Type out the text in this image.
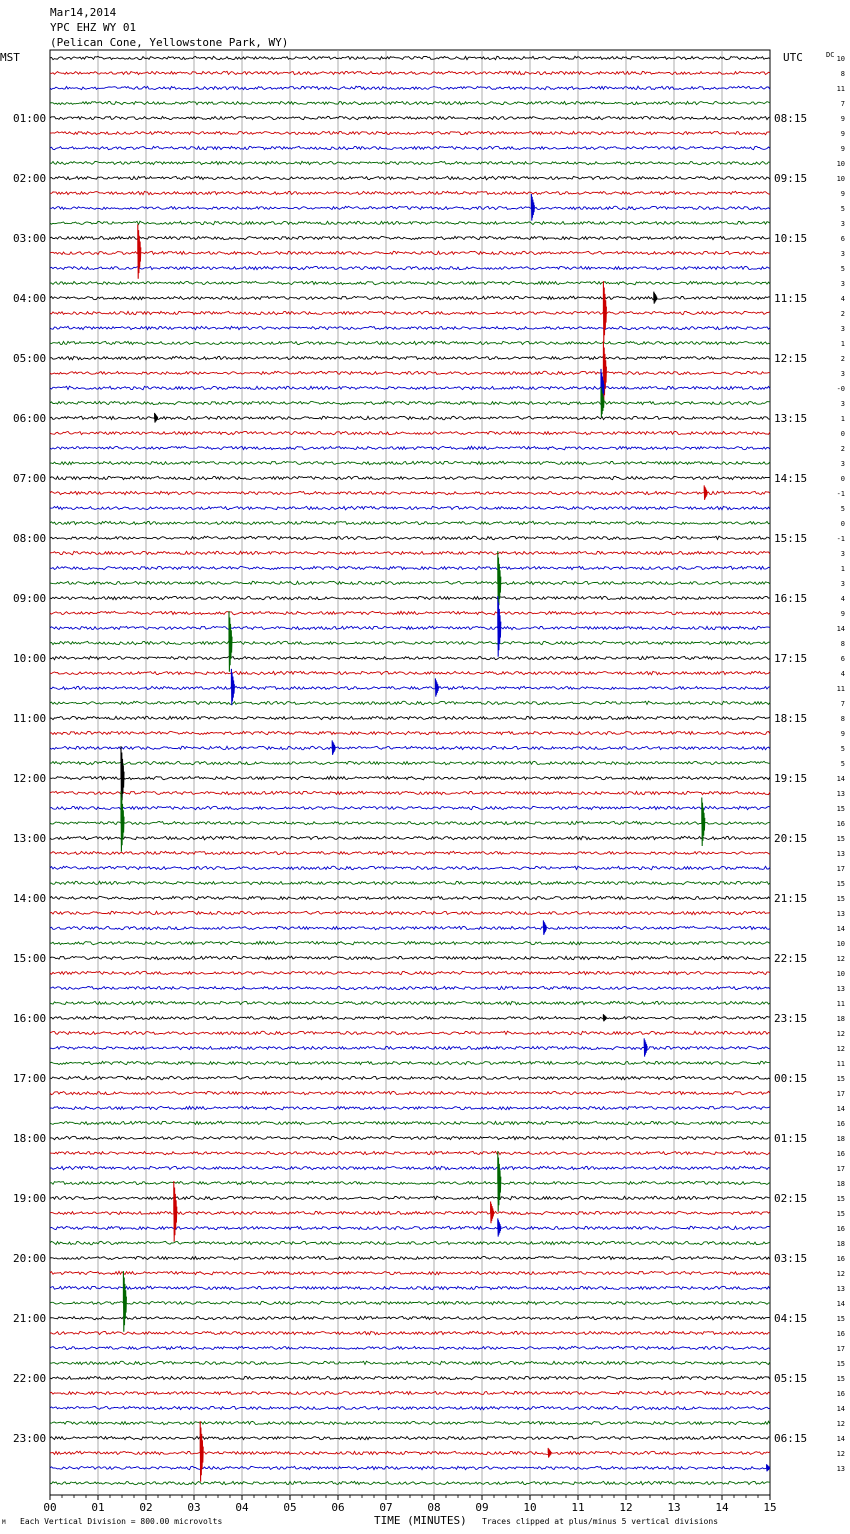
Mar14,2014
YPC EHZ WY 01
(Pelican Cone, Yellowstone Park, WY)
MST	UTC	DC
01:00
02:00
03:00
04:00
05:00
06:00
07:00
08:00
09:00
10:00
11:00
12:00
13:00
14:00
15:00
16:00
17:00
18:00
19:00
20:00
21:00
22:00
23:00
08:15
09:15
10:15
11:15
12:15
13:15
14:15
15:15
16:15
17:15
18:15
19:15
20:15
21:15
22:15
23:15
00:15
01:15
02:15
03:15
04:15
05:15
06:15
10
8
11
7
9
9
9
10
10
9
5
3
6
3
5
3
4
2
3
1
2
3
-0
3
1
0
2
3
0
-1
5
0
-1
3
1
3
4
9
14
8
6
4
11
7
8
9
5
5
14
13
15
16
15
13
17
15
15
13
14
10
12
10
13
11
18
12
12
11
15
17
14
16
18
16
17
18
15
15
16
18
16
12
13
14
15
16
17
15
15
16
14
12
14
12
13
00	01	02	03	04	05	06	07	08	09	10	11	12	13	14	15
M Each Vertical Division = 800.00 microvolts	TIME (MINUTES) Traces clipped at plus/minus 5 vertical divisions
